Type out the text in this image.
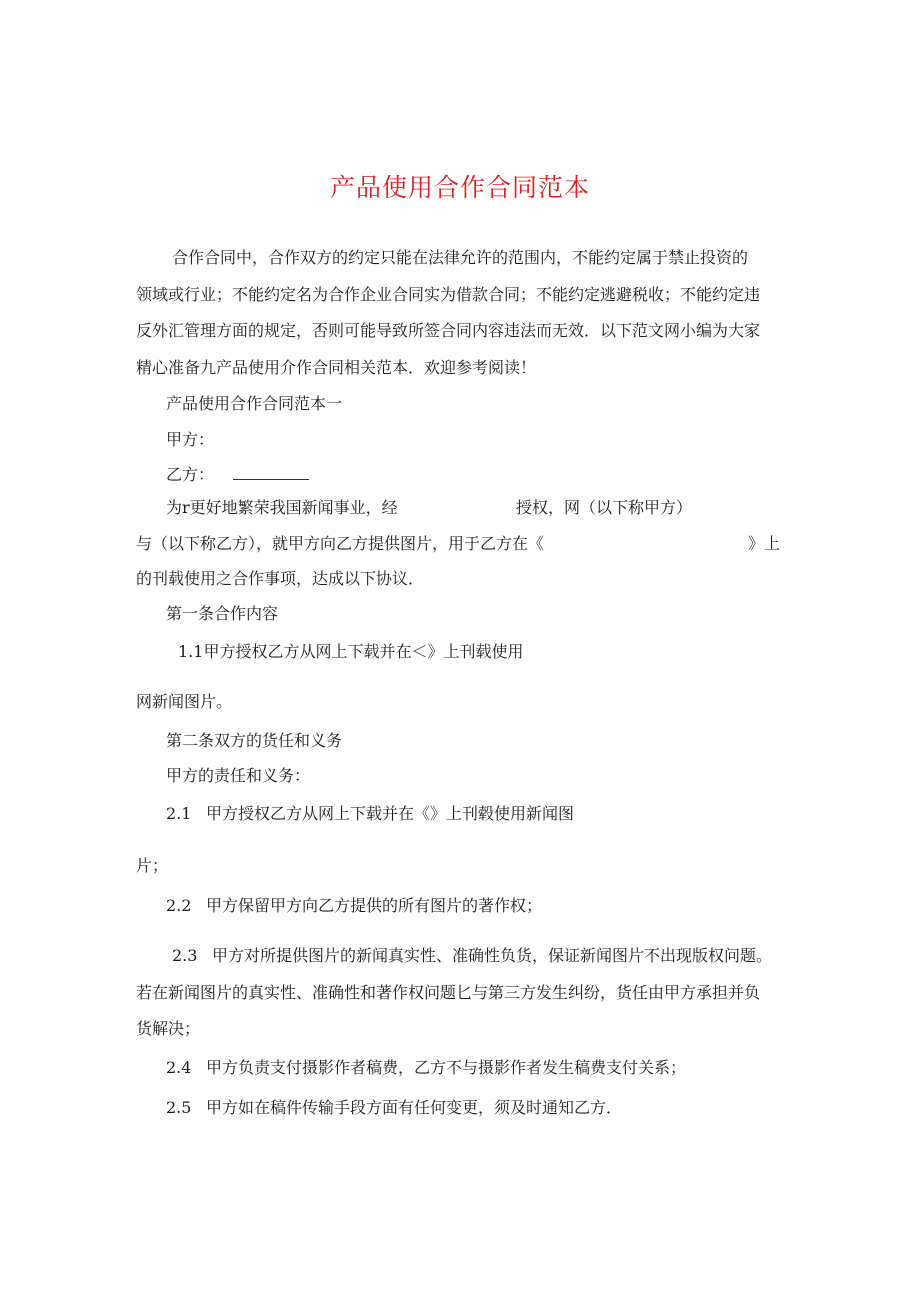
产品使用合作合同范本
合作合同中，合作双方的约定只能在法律允许的范围内，不能约定属于禁止投资的
领域或行业；不能约定名为合作企业合同实为借款合同；不能约定逃避税收；不能约定违
反外汇管理方面的规定，否则可能导致所签合同内容违法而无效．以下范文网小编为大家
精心准备九产品使用介作合同相关范本．欢迎参考阅读！
产品使用合作合同范本一
甲方：
乙方：
为r更好地繁荣我国新闻事业，经	授权，网（以下称甲方）
与（以下称乙方），就甲方向乙方提供图片，用于乙方在《	》上
的刊载使用之合作事项，达成以下协议．
第一条合作内容
1.1甲方授权乙方从网上下载并在＜》上刊载使用
网新闻图片。
第二条双方的货任和义务
甲方的责任和义务：
2.1 甲方授权乙方从网上下载并在《》上刊毂使用新闻图
片；
2.2 甲方保留甲方向乙方提供的所有图片的著作权；
2.3 甲方对所提供图片的新闻真实性、准确性负货，保证新闻图片不出现版权问题。
若在新闻图片的真实性、准确性和著作权问题匕与第三方发生纠纷，货任由甲方承担并负
货解决；
2.4 甲方负责支付摄影作者稿费，乙方不与摄影作者发生稿费支付关系；
2.5 甲方如在稿件传输手段方面有任何变更，须及时通知乙方．
